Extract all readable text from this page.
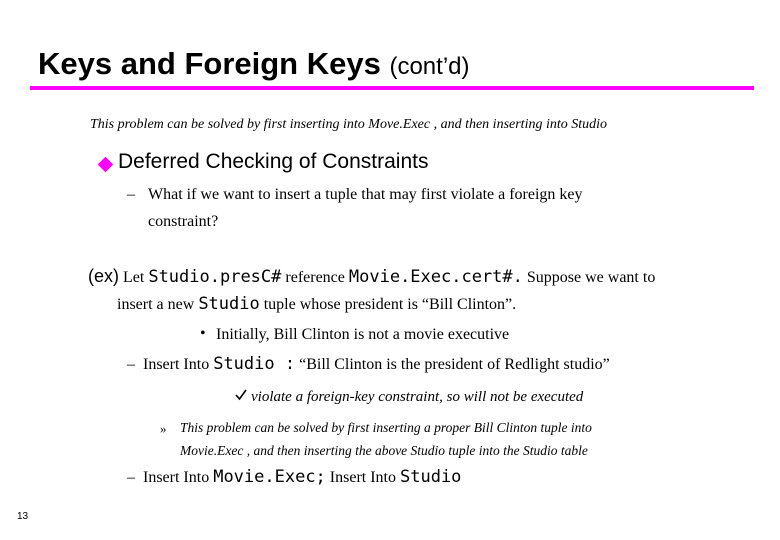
Keys and Foreign Keys (cont’d)
This problem can be solved by first inserting into Move.Exec , and then inserting into Studio
Deferred Checking of Constraints
– What if we want to insert a tuple that may first violate a foreign key
constraint?
(ex) Let Studio.presC# reference Movie.Exec.cert#. Suppose we want to
insert a new Studio tuple whose president is “Bill Clinton”.
• Initially, Bill Clinton is not a movie executive
– Insert Into Studio : “Bill Clinton is the president of Redlight studio”
violate a foreign-key constraint, so will not be executed
» This problem can be solved by first inserting a proper Bill Clinton tuple into
Movie.Exec , and then inserting the above Studio tuple into the Studio table
– Insert Into Movie.Exec; Insert Into Studio
13
